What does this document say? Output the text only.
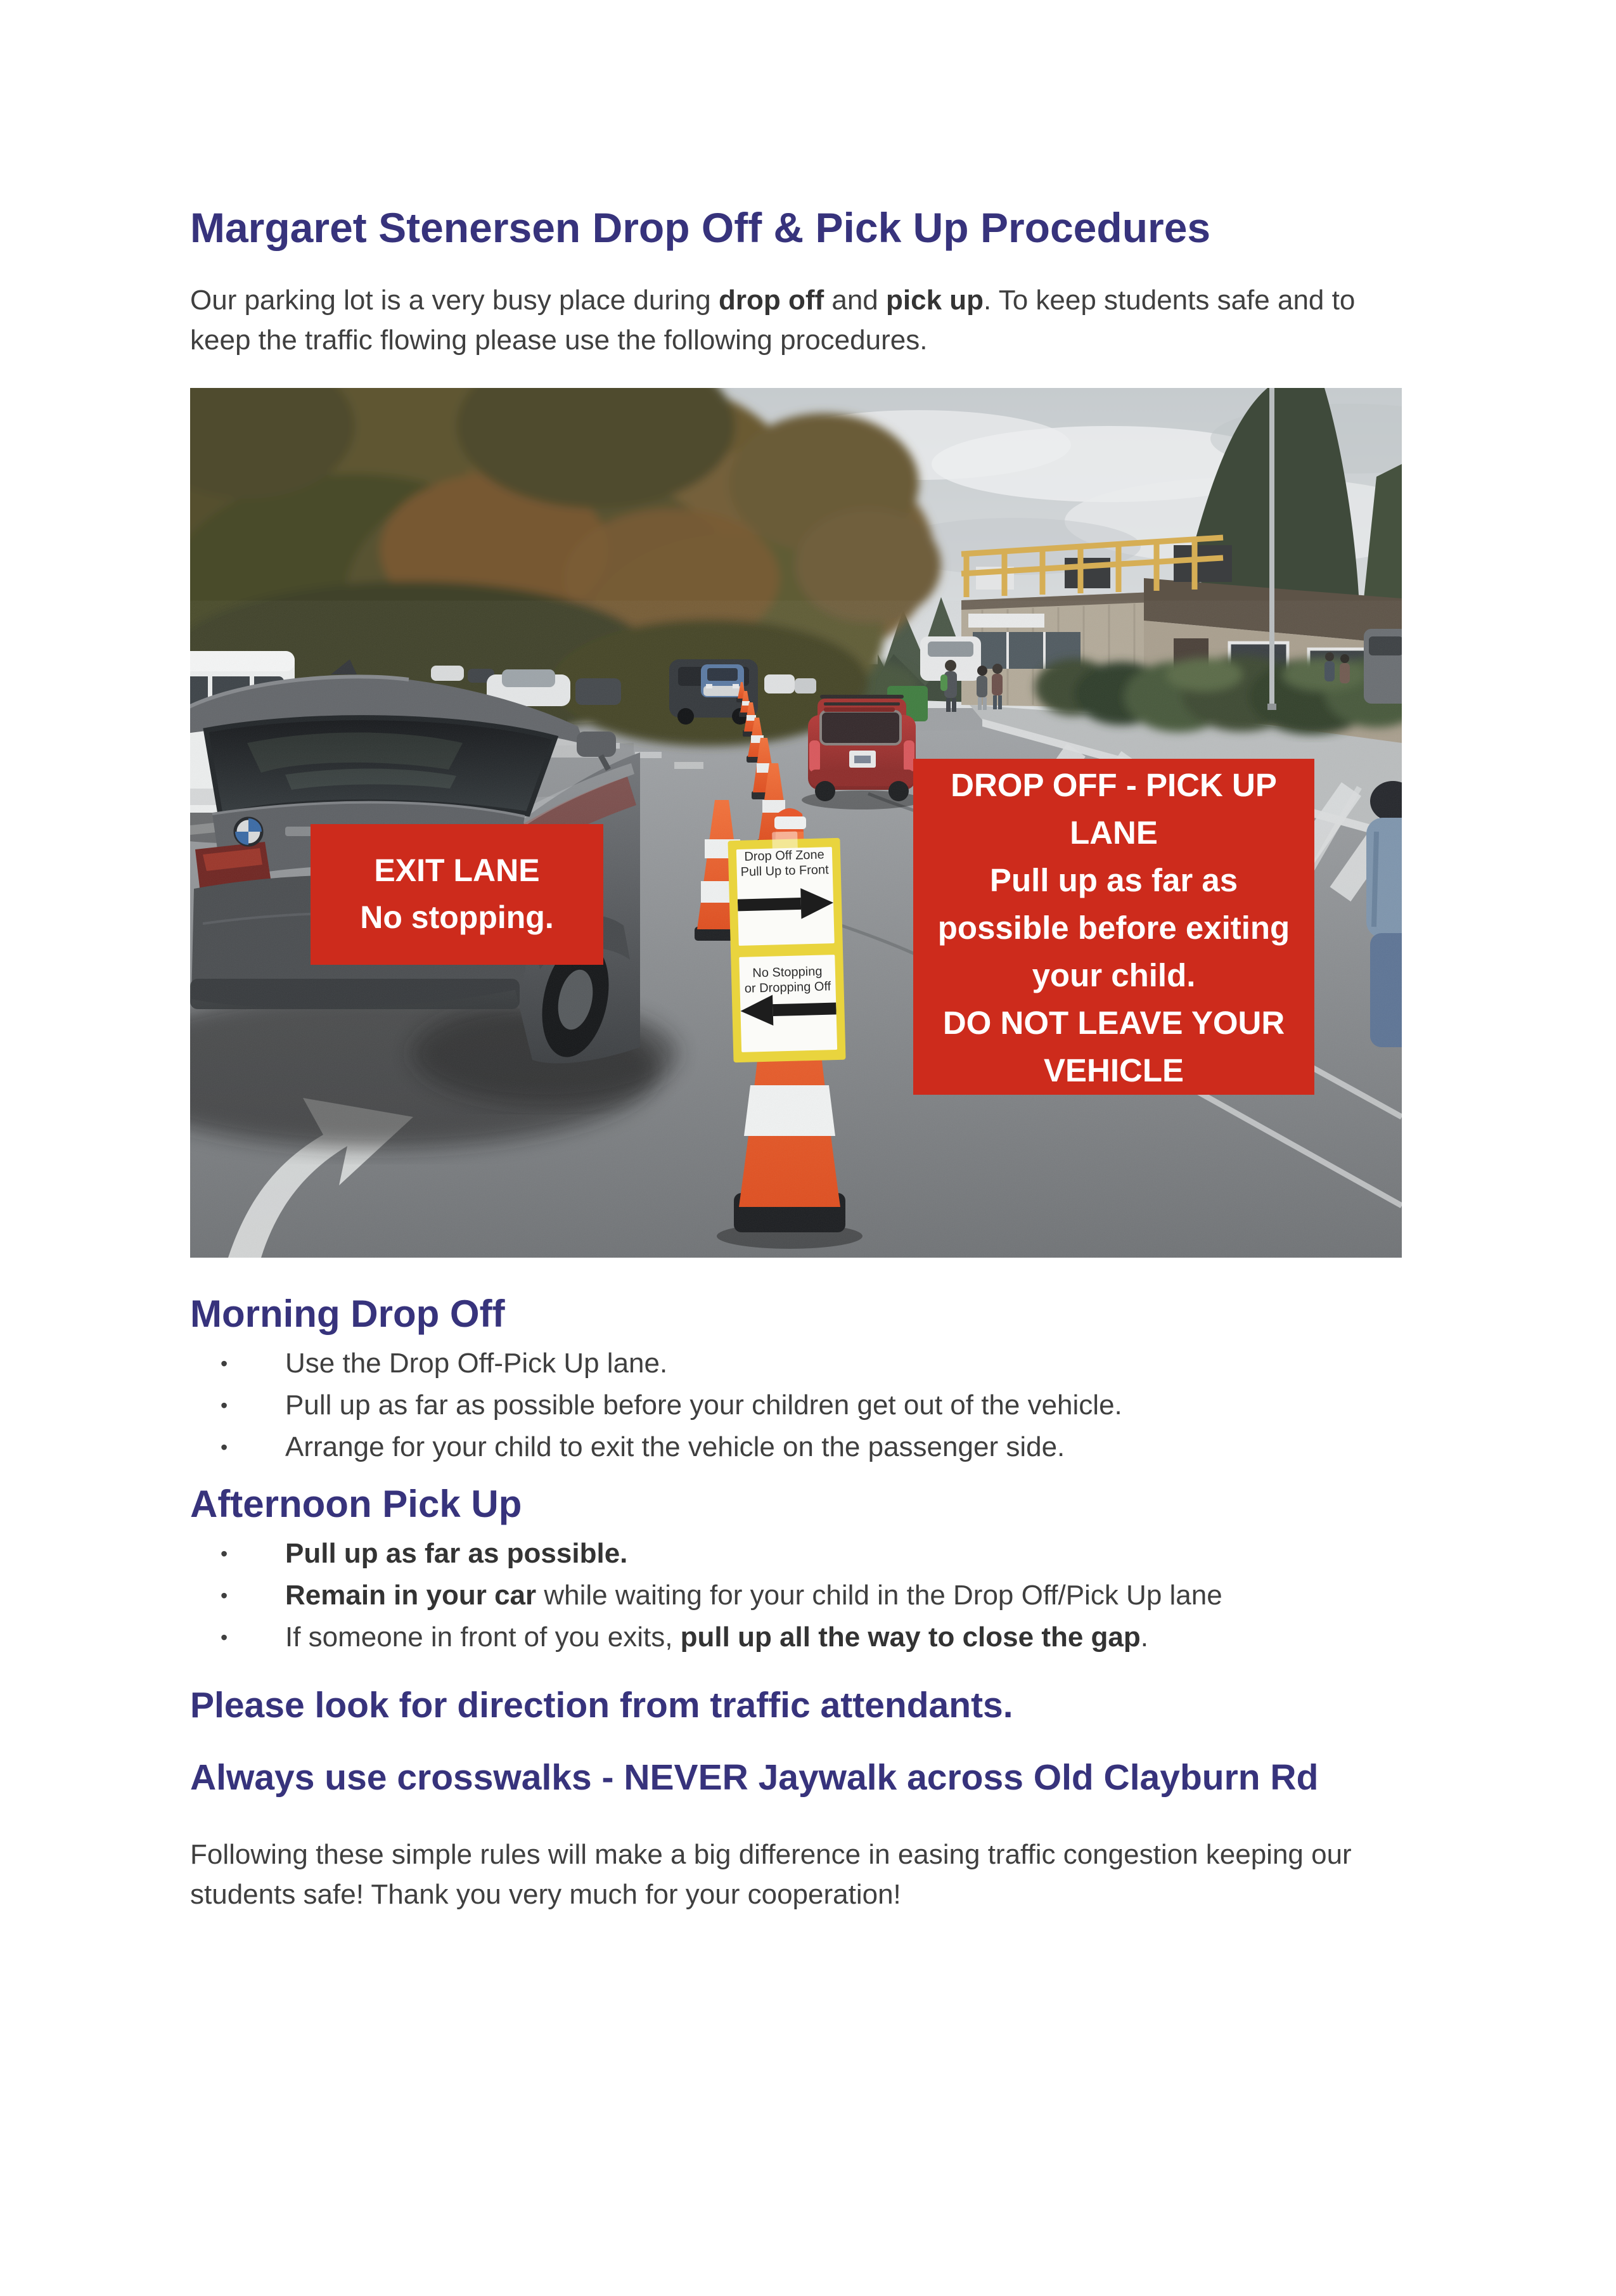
Margaret Stenersen Drop Off & Pick Up Procedures

Our parking lot is a very busy place during drop off and pick up. To keep students safe and to keep the traffic flowing please use the following procedures.

Drop Off Zone
Pull Up to Front
No Stopping
or Dropping Off
EXIT LANE
No stopping.
DROP OFF - PICK UP
LANE
Pull up as far as
possible before exiting
your child.
DO NOT LEAVE YOUR
VEHICLE
Morning Drop Off
• Use the Drop Off-Pick Up lane.
• Pull up as far as possible before your children get out of the vehicle.
• Arrange for your child to exit the vehicle on the passenger side.
Afternoon Pick Up
• Pull up as far as possible.
• Remain in your car while waiting for your child in the Drop Off/Pick Up lane
• If someone in front of you exits, pull up all the way to close the gap.

Please look for direction from traffic attendants.

Always use crosswalks - NEVER Jaywalk across Old Clayburn Rd

Following these simple rules will make a big difference in easing traffic congestion keeping our students safe! Thank you very much for your cooperation!
